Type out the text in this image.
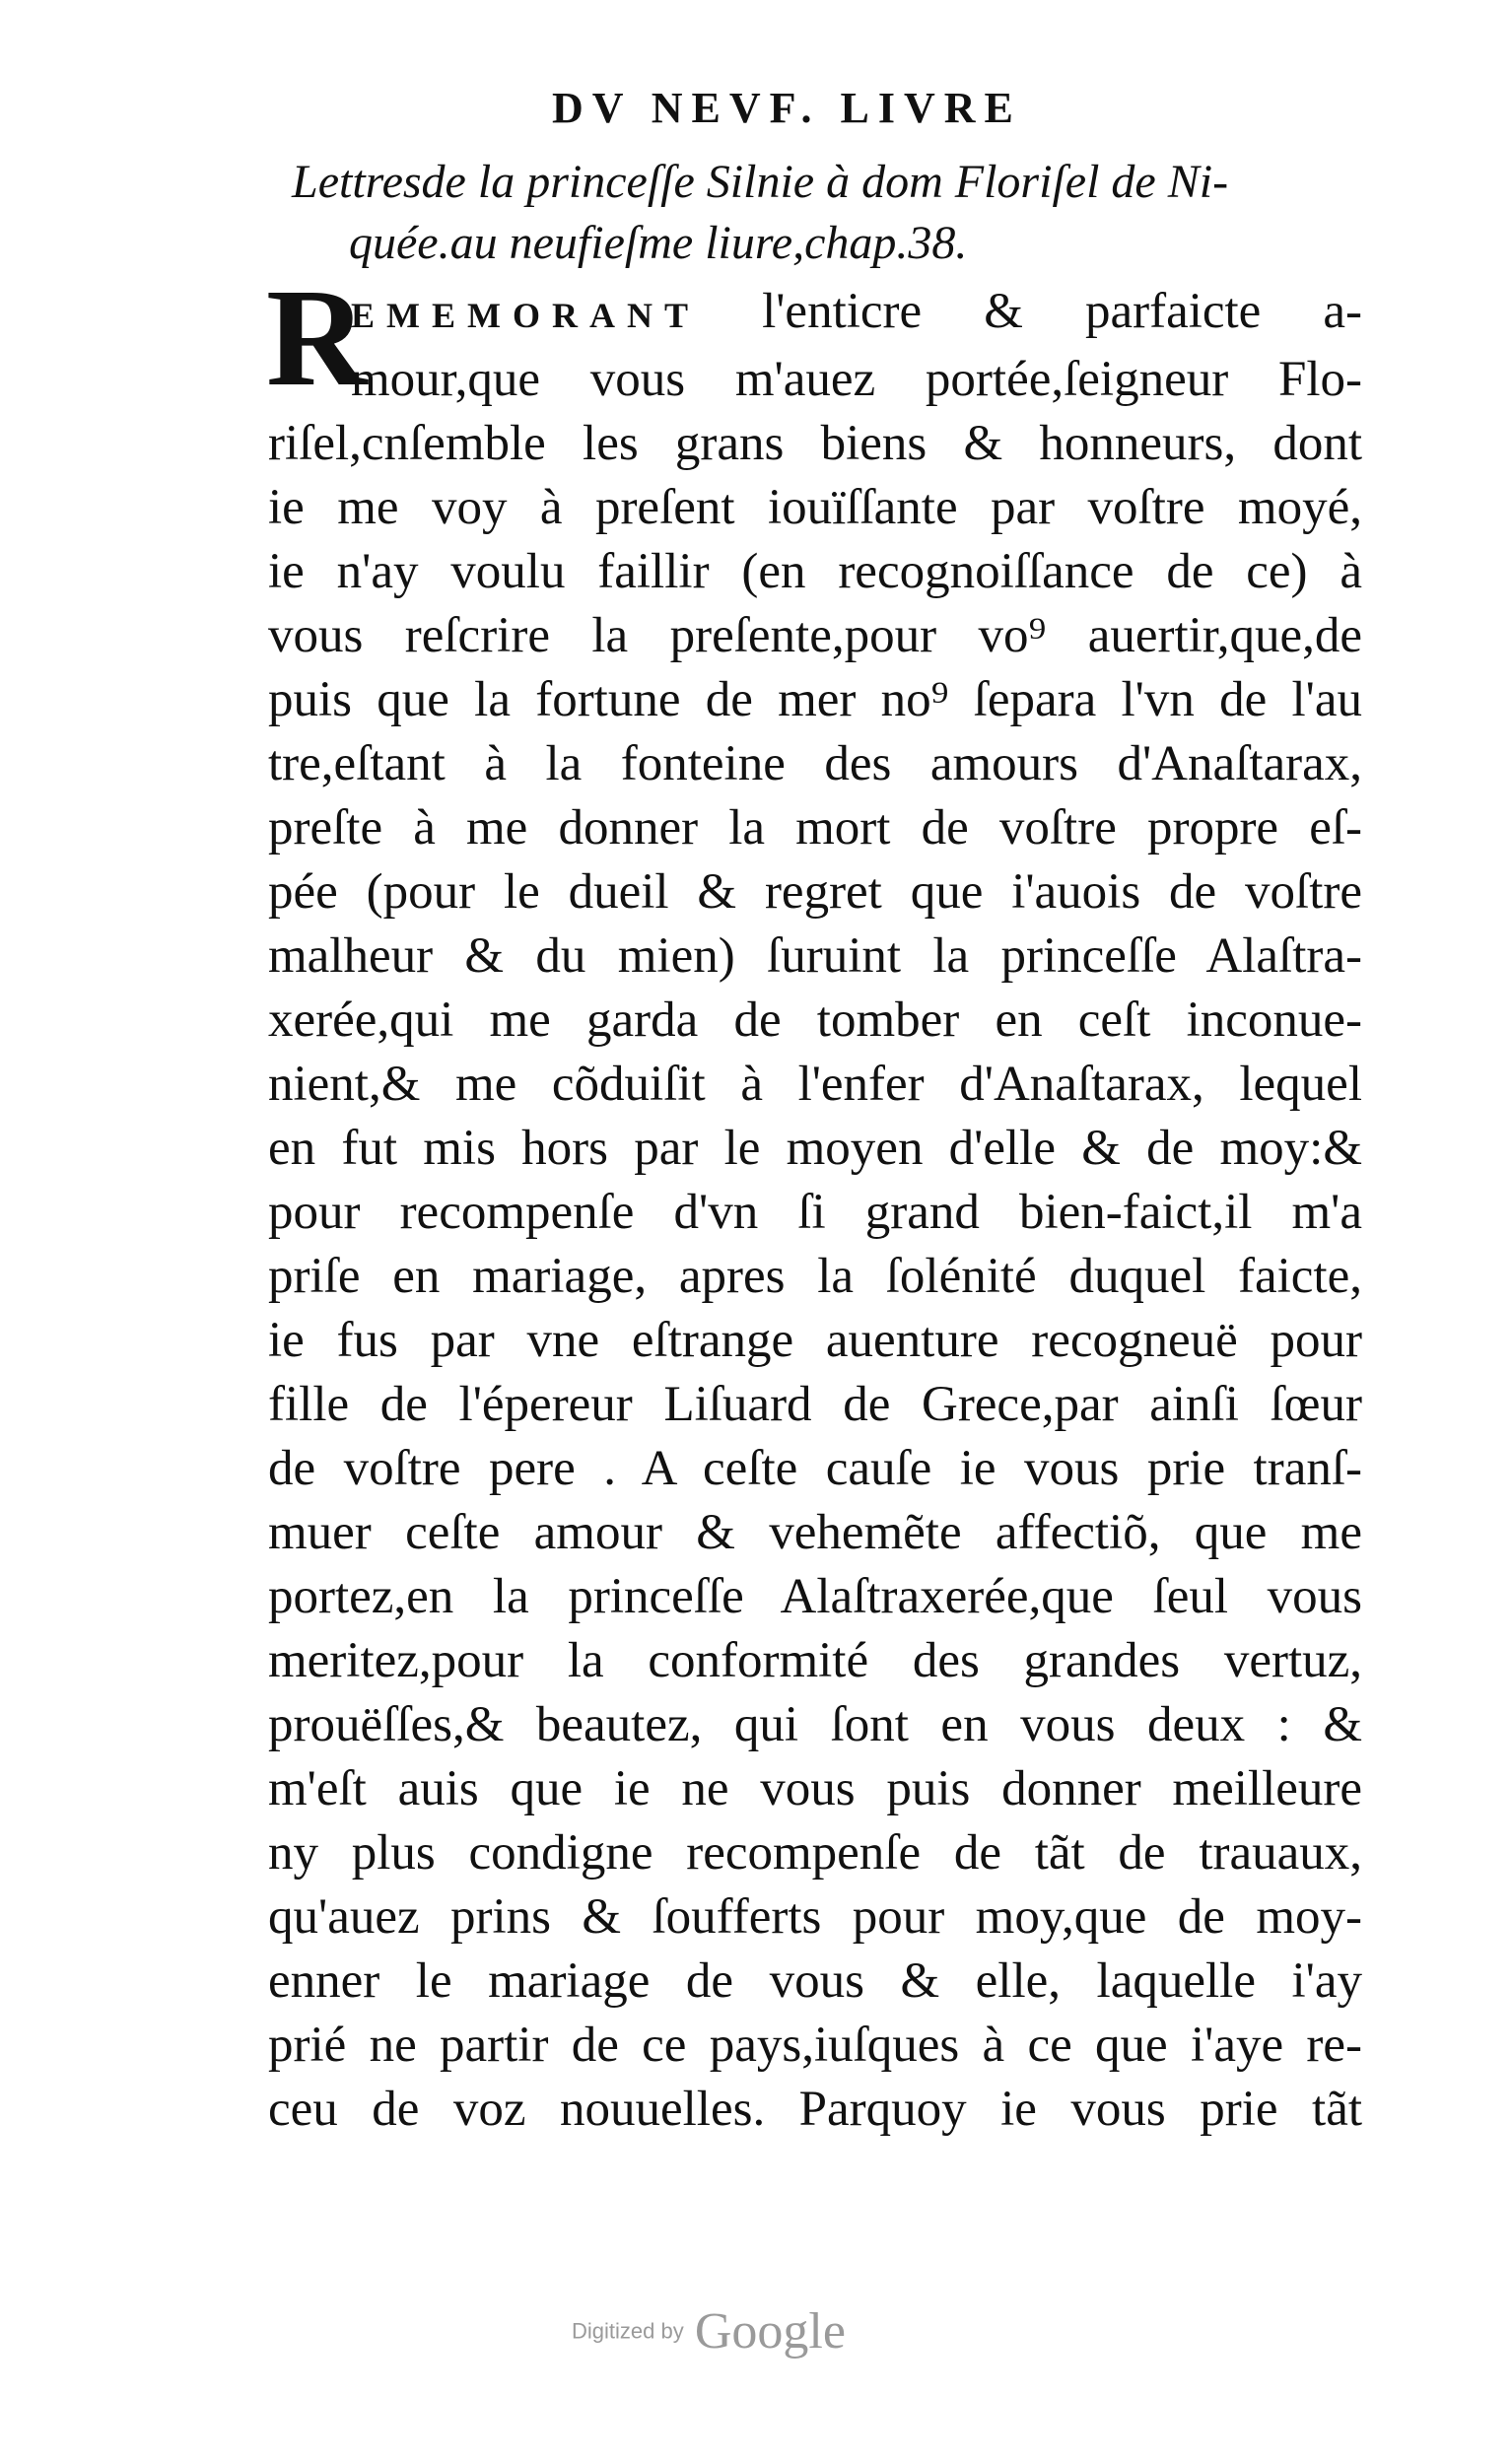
DV NEVF. LIVRE
Lettresde la princeſſe Silnie à dom Floriſel de Ni-
quée.au neufieſme liure,chap.38.
R
EMEMORANT l'enticre & parfaicte a-
mour,que vous m'auez portée,ſeigneur Flo-
riſel,cnſemble les grans biens & honneurs, dont
ie me voy à preſent iouïſſante par voſtre moyé,
ie n'ay voulu faillir (en recognoiſſance de ce) à
vous reſcrire la preſente,pour vo⁹ auertir,que,de
puis que la fortune de mer no⁹ ſepara l'vn de l'au
tre,eſtant à la fonteine des amours d'Anaſtarax,
preſte à me donner la mort de voſtre propre eſ-
pée (pour le dueil & regret que i'auois de voſtre
malheur & du mien) ſuruint la princeſſe Alaſtra-
xerée,qui me garda de tomber en ceſt inconue-
nient,& me cõduiſit à l'enfer d'Anaſtarax, lequel
en fut mis hors par le moyen d'elle & de moy:&
pour recompenſe d'vn ſi grand bien-faict,il m'a
priſe en mariage, apres la ſolénité duquel faicte,
ie fus par vne eſtrange auenture recogneuë pour
fille de l'épereur Liſuard de Grece,par ainſi ſœur
de voſtre pere . A ceſte cauſe ie vous prie tranſ-
muer ceſte amour & vehemẽte affectiõ, que me
portez,en la princeſſe Alaſtraxerée,que ſeul vous
meritez,pour la conformité des grandes vertuz,
prouëſſes,& beautez, qui ſont en vous deux : &
m'eſt auis que ie ne vous puis donner meilleure
ny plus condigne recompenſe de tãt de trauaux,
qu'auez prins & ſoufferts pour moy,que de moy-
enner le mariage de vous & elle, laquelle i'ay
prié ne partir de ce pays,iuſques à ce que i'aye re-
ceu de voz nouuelles. Parquoy ie vous prie tãt
Digitized by Google
